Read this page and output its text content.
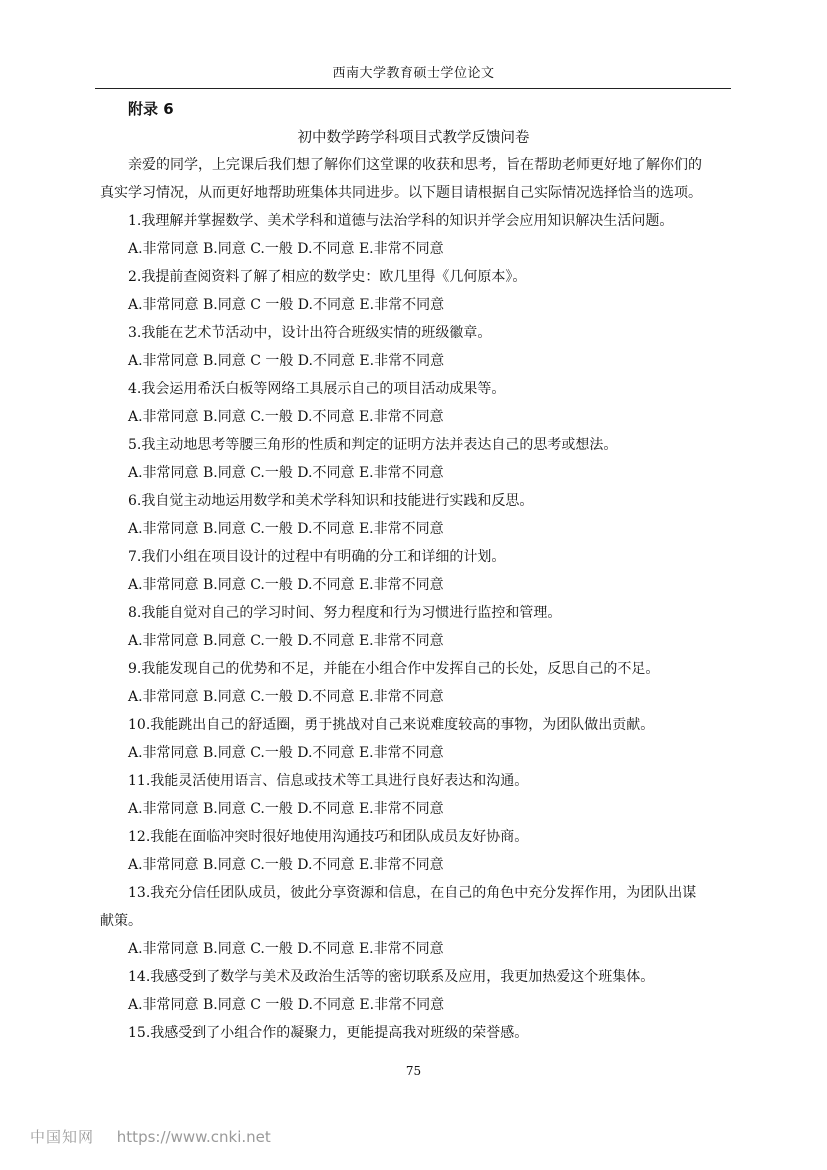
西南大学教育硕士学位论文
附录 6
初中数学跨学科项目式教学反馈问卷
亲爱的同学，上完课后我们想了解你们这堂课的收获和思考，旨在帮助老师更好地了解你们的
真实学习情况，从而更好地帮助班集体共同进步。以下题目请根据自己实际情况选择恰当的选项。
1.我理解并掌握数学、美术学科和道德与法治学科的知识并学会应用知识解决生活问题。
A.非常同意 B.同意 C.一般 D.不同意 E.非常不同意
2.我提前查阅资料了解了相应的数学史：欧几里得《几何原本》。
A.非常同意 B.同意 C 一般 D.不同意 E.非常不同意
3.我能在艺术节活动中，设计出符合班级实情的班级徽章。
A.非常同意 B.同意 C 一般 D.不同意 E.非常不同意
4.我会运用希沃白板等网络工具展示自己的项目活动成果等。
A.非常同意 B.同意 C.一般 D.不同意 E.非常不同意
5.我主动地思考等腰三角形的性质和判定的证明方法并表达自己的思考或想法。
A.非常同意 B.同意 C.一般 D.不同意 E.非常不同意
6.我自觉主动地运用数学和美术学科知识和技能进行实践和反思。
A.非常同意 B.同意 C.一般 D.不同意 E.非常不同意
7.我们小组在项目设计的过程中有明确的分工和详细的计划。
A.非常同意 B.同意 C.一般 D.不同意 E.非常不同意
8.我能自觉对自己的学习时间、努力程度和行为习惯进行监控和管理。
A.非常同意 B.同意 C.一般 D.不同意 E.非常不同意
9.我能发现自己的优势和不足，并能在小组合作中发挥自己的长处，反思自己的不足。
A.非常同意 B.同意 C.一般 D.不同意 E.非常不同意
10.我能跳出自己的舒适圈，勇于挑战对自己来说难度较高的事物，为团队做出贡献。
A.非常同意 B.同意 C.一般 D.不同意 E.非常不同意
11.我能灵活使用语言、信息或技术等工具进行良好表达和沟通。
A.非常同意 B.同意 C.一般 D.不同意 E.非常不同意
12.我能在面临冲突时很好地使用沟通技巧和团队成员友好协商。
A.非常同意 B.同意 C.一般 D.不同意 E.非常不同意
13.我充分信任团队成员，彼此分享资源和信息，在自己的角色中充分发挥作用，为团队出谋
献策。
A.非常同意 B.同意 C.一般 D.不同意 E.非常不同意
14.我感受到了数学与美术及政治生活等的密切联系及应用，我更加热爱这个班集体。
A.非常同意 B.同意 C 一般 D.不同意 E.非常不同意
15.我感受到了小组合作的凝聚力，更能提高我对班级的荣誉感。
75
中国知网 https://www.cnki.net
